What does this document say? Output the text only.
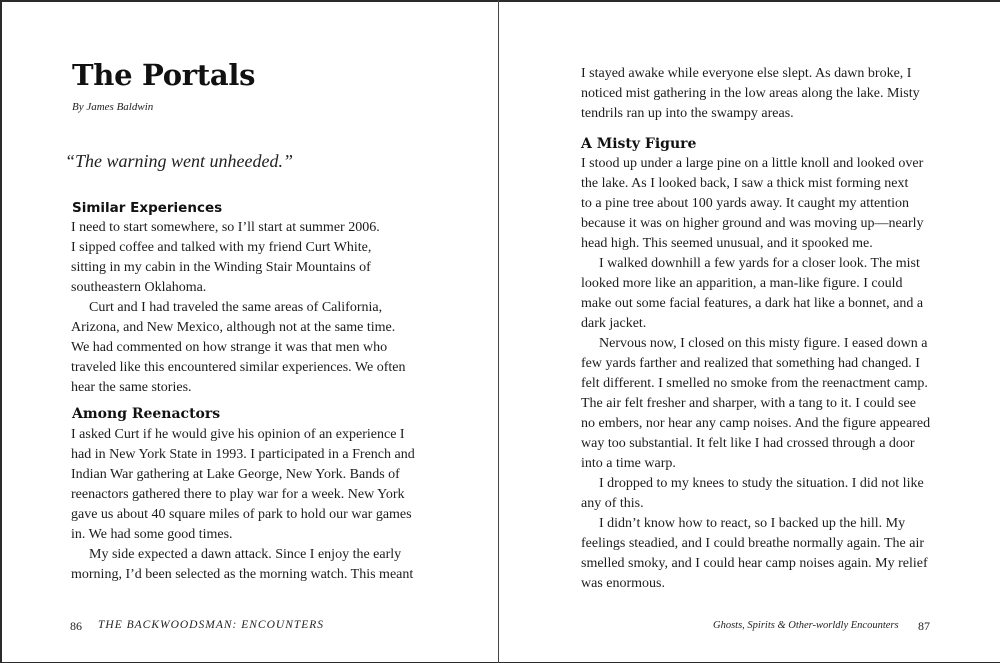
The Portals
By James Baldwin
“The warning went unheeded.”
Similar Experiences
I need to start somewhere, so I’ll start at summer 2006.
I sipped coffee and talked with my friend Curt White,
sitting in my cabin in the Winding Stair Mountains of
southeastern Oklahoma.
Curt and I had traveled the same areas of California,
Arizona, and New Mexico, although not at the same time.
We had commented on how strange it was that men who
traveled like this encountered similar experiences. We often
hear the same stories.
Among Reenactors
I asked Curt if he would give his opinion of an experience I
had in New York State in 1993. I participated in a French and
Indian War gathering at Lake George, New York. Bands of
reenactors gathered there to play war for a week. New York
gave us about 40 square miles of park to hold our war games
in. We had some good times.
My side expected a dawn attack. Since I enjoy the early
morning, I’d been selected as the morning watch. This meant
86 THE BACKWOODSMAN: ENCOUNTERS
I stayed awake while everyone else slept. As dawn broke, I
noticed mist gathering in the low areas along the lake. Misty
tendrils ran up into the swampy areas.
A Misty Figure
I stood up under a large pine on a little knoll and looked over
the lake. As I looked back, I saw a thick mist forming next
to a pine tree about 100 yards away. It caught my attention
because it was on higher ground and was moving up—nearly
head high. This seemed unusual, and it spooked me.
I walked downhill a few yards for a closer look. The mist
looked more like an apparition, a man-like figure. I could
make out some facial features, a dark hat like a bonnet, and a
dark jacket.
Nervous now, I closed on this misty figure. I eased down a
few yards farther and realized that something had changed. I
felt different. I smelled no smoke from the reenactment camp.
The air felt fresher and sharper, with a tang to it. I could see
no embers, nor hear any camp noises. And the figure appeared
way too substantial. It felt like I had crossed through a door
into a time warp.
I dropped to my knees to study the situation. I did not like
any of this.
I didn’t know how to react, so I backed up the hill. My
feelings steadied, and I could breathe normally again. The air
smelled smoky, and I could hear camp noises again. My relief
was enormous.
Ghosts, Spirits & Other-worldly Encounters 87
